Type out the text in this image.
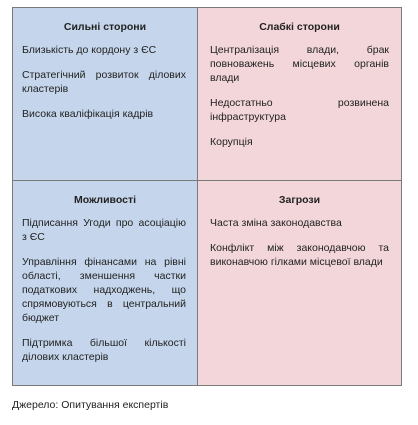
Сильні сторони
Близькість до кордону з ЄС
Стратегічний розвиток ділових кластерів
Висока кваліфікація кадрів
Слабкі сторони
Централізація влади, брак повноважень місцевих органів влади
Недостатньо розвинена інфраструктура
Корупція
Можливості
Підписання Угоди про асоціацію з ЄС
Управління фінансами на рівні області, зменшення частки податкових надходжень, що спрямовуються в центральний бюджет
Підтримка більшої кількості ділових кластерів
Загрози
Часта зміна законодавства
Конфлікт між законодавчою та виконавчою гілками місцевої влади
Джерело: Опитування експертів
